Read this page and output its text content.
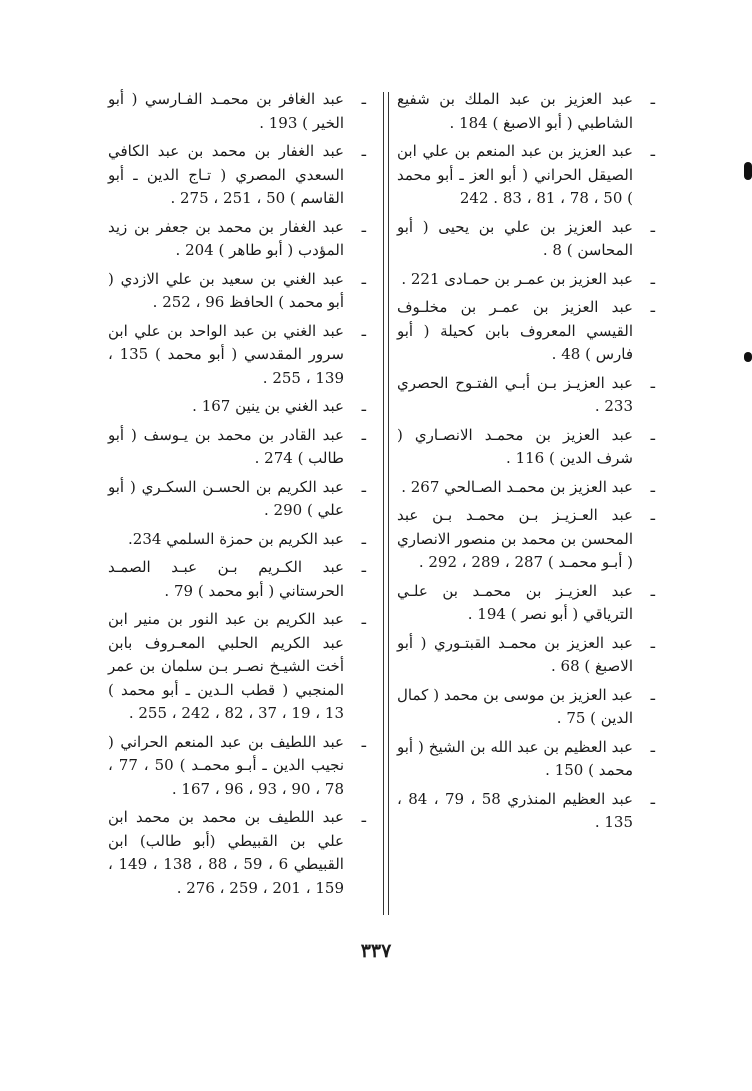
ـ
عبد العزيز بن عبد الملك بن شفيع الشاطبي ( أبو الاصبغ ) 184 .
ـ
عبد العزيز بن عبد المنعم بن علي ابن الصيقل الحراني ( أبو العز ـ أبو محمد ) 50 ، 78 ، 81 ، 83 . 242
ـ
عبد العزيز بن علي بن يحيى ( أبو المحاسن ) 8 .
ـ
عبد العزيز بن عمـر بن حمـادى 221 .
ـ
عبد العزيز بن عمـر بن مخلـوف القيسي المعروف بابن كحيلة ( أبو فارس ) 48 .
ـ
عبد العزيـز بـن أبـي الفتـوح الحصري 233 .
ـ
عبد العزيز بن محمـد الانصـاري ( شرف الدين ) 116 .
ـ
عبد العزيز بن محمـد الصـالحي 267 .
ـ
عبد العـزيـز بـن محمـد بـن عبد المحسن بن محمد بن منصور الانصاري ( أبـو محمـد ) 287 ، 289 ، 292 .
ـ
عبد العزيـز بن محمـد بن علـي الترياقي ( أبو نصر ) 194 .
ـ
عبد العزيز بن محمـد القبتـوري ( أبو الاصبغ ) 68 .
ـ
عبد العزيز بن موسى بن محمد ( كمال الدين ) 75 .
ـ
عبد العظيم بن عبد الله بن الشيخ ( أبو محمد ) 150 .
ـ
عبد العظيم المنذري 58 ، 79 ، 84 ، 135 .
ـ
عبد الغافر بن محمـد الفـارسي ( أبو الخير ) 193 .
ـ
عبد الغفار بن محمد بن عبد الكافي السعدي المصري ( تـاج الدين ـ أبو القاسم ) 50 ، 251 ، 275 .
ـ
عبد الغفار بن محمد بن جعفر بن زيد المؤدب ( أبو طاهر ) 204 .
ـ
عبد الغني بن سعيد بن علي الازدي ( أبو محمد ) الحافظ 96 ، 252 .
ـ
عبد الغني بن عبد الواحد بن علي ابن سرور المقدسي ( أبو محمد ) 135 ، 139 ، 255 .
ـ
عبد الغني بن ينين 167 .
ـ
عبد القادر بن محمد بن يـوسف ( أبو طالب ) 274 .
ـ
عبد الكريم بن الحسـن السكـري ( أبو علي ) 290 .
ـ
عبد الكريم بن حمزة السلمي 234.
ـ
عبد الكـريم بـن عبـد الصمـد الحرستاني ( أبو محمد ) 79 .
ـ
عبد الكريم بن عبد النور بن منير ابن عبد الكريم الحلبي المعـروف بابن أخت الشيـخ نصـر بـن سلمان بن عمر المنجبي ( قطب الـدين ـ أبو محمد ) 13 ، 19 ، 37 ، 82 ، 242 ، 255 .
ـ
عبد اللطيف بن عبد المنعم الحراني ( نجيب الدين ـ أبـو محمـد ) 50 ، 77 ، 78 ، 90 ، 93 ، 96 ، 167 .
ـ
عبد اللطيف بن محمد بن محمد ابن علي بن القبيطي (أبو طالب) ابن القبيطي 6 ، 59 ، 88 ، 138 ، 149 ، 159 ، 201 ، 259 ، 276 .
٣٣٧
